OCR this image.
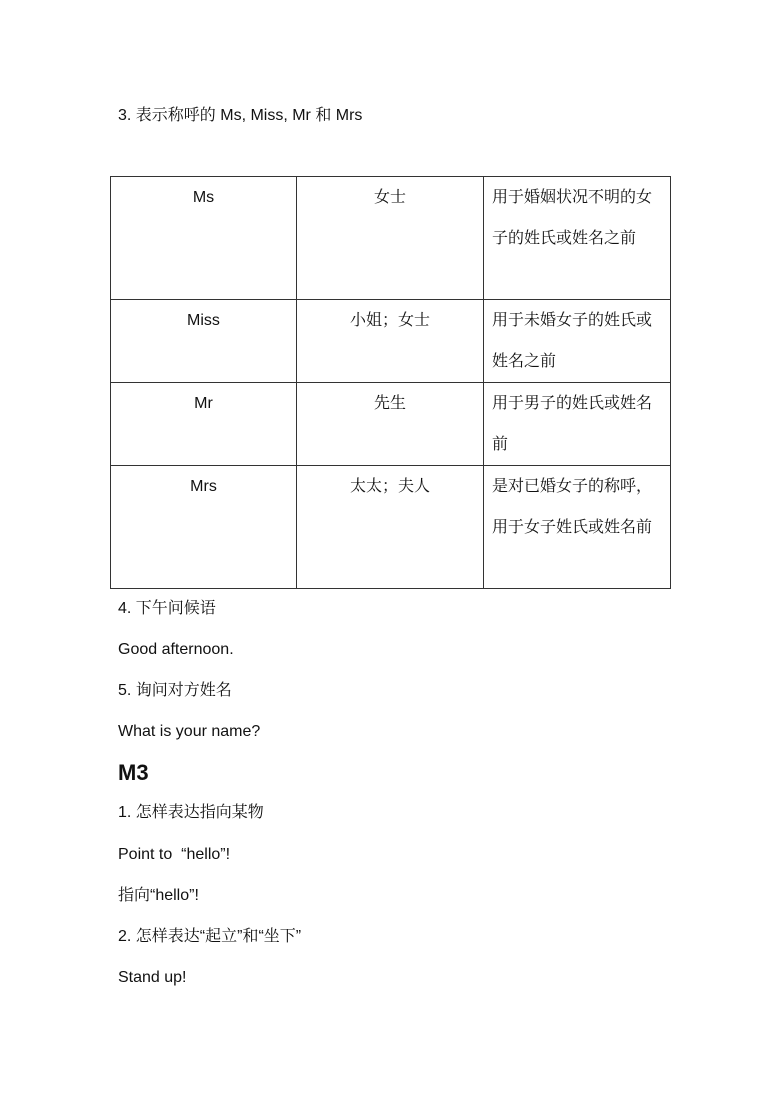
3. 表示称呼的 Ms, Miss, Mr 和 Mrs
Ms	女士	用于婚姻状况不明的女子的姓氏或姓名之前
Miss	小姐；女士	用于未婚女子的姓氏或姓名之前
Mr	先生	用于男子的姓氏或姓名前
Mrs	太太；夫人	是对已婚女子的称呼，用于女子姓氏或姓名前
4. 下午问候语
Good afternoon.
5. 询问对方姓名
What is your name?
M3
1. 怎样表达指向某物
Point to  “hello”!
指向“hello”!
2. 怎样表达“起立”和“坐下”
Stand up!
